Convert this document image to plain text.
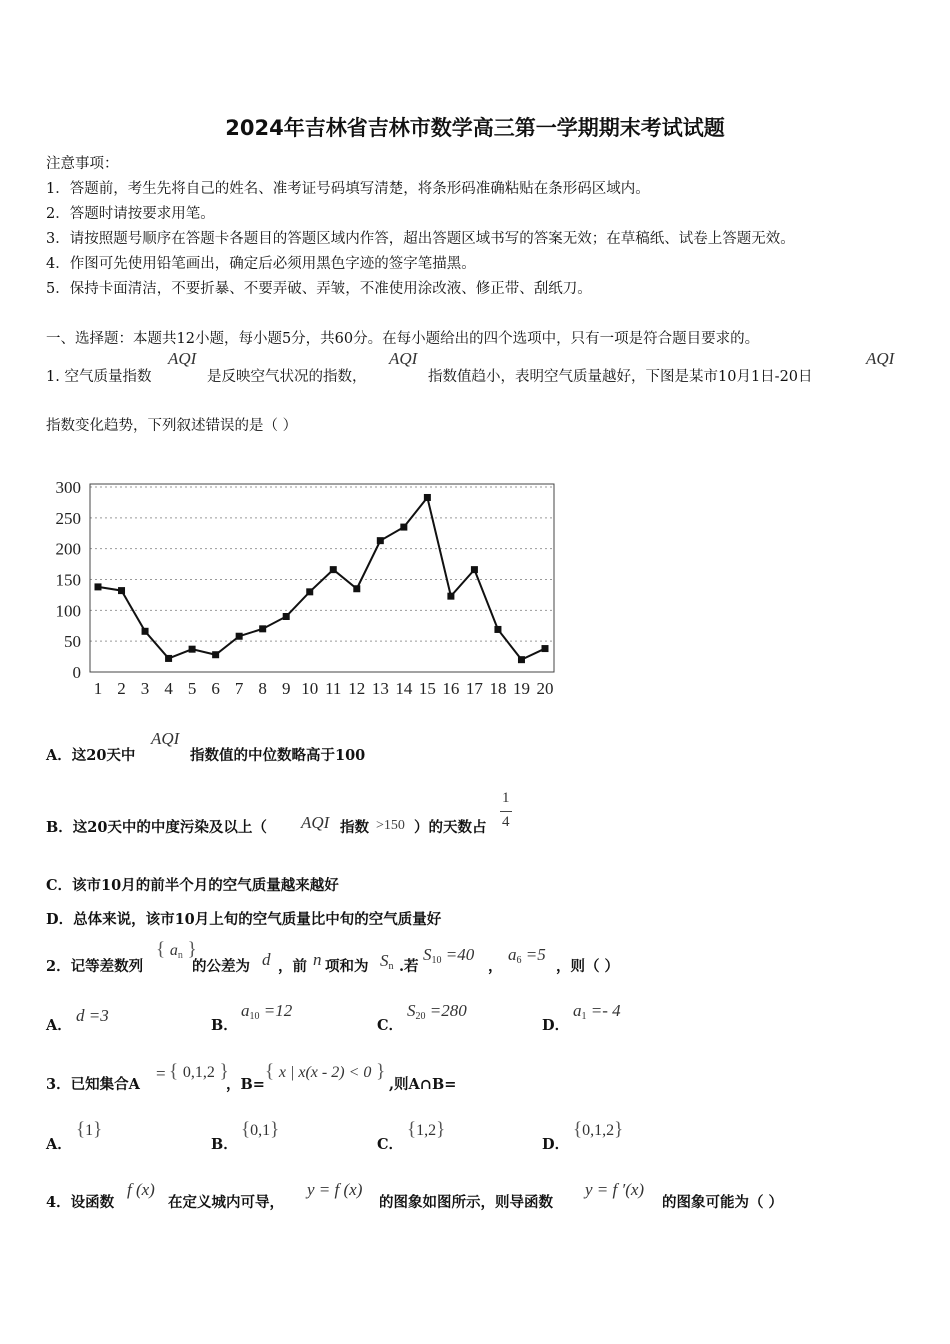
2024年吉林省吉林市数学高三第一学期期末考试试题
注意事项：
1．答题前，考生先将自己的姓名、准考证号码填写清楚，将条形码准确粘贴在条形码区域内。
2．答题时请按要求用笔。
3．请按照题号顺序在答题卡各题目的答题区域内作答，超出答题区域书写的答案无效；在草稿纸、试卷上答题无效。
4．作图可先使用铅笔画出，确定后必须用黑色字迹的签字笔描黑。
5．保持卡面清洁，不要折暴、不要弄破、弄皱，不准使用涂改液、修正带、刮纸刀。
一、选择题：本题共12小题，每小题5分，共60分。在每小题给出的四个选项中，只有一项是符合题目要求的。
1. 空气质量指数
AQI
是反映空气状况的指数，
AQI
指数值趋小，表明空气质量越好，下图是某市10月1日-20日
AQI
指数变化趋势，下列叙述错误的是（ ）
0
50
100
150
200
250
300
1 2 3 4 5 6 7 8 9 10 11 12 13 14 15 16 17 18 19 20
A．这20天中
AQI
指数值的中位数略高于100
B．这20天中的中度污染及以上（ AQI 指数 >150 ）的天数占
1
4
C．该市10月的前半个月的空气质量越来越好
D．总体来说，该市10月上旬的空气质量比中旬的空气质量好
2．记等差数列
{ $a_n$ }
的公差为 d ，前 n 项和为 $S_n$ .若
$S_{10} =40$
，
$a_6 =5$
，则（ ）
A．
d =3
B．
$a_{10} =12$
C．
$S_{20} =280$
D．
$a_1 =- 4$
3．已知集合A
= { 0,1,2 }
，B=
{ x | x(x - 2) < 0 }
,则A∩B=
A．
{1}
B．
{0,1}
C．
{1,2}
D．
{0,1,2}
4．设函数
f (x)
在定义城内可导，
y = f (x)
的图象如图所示，则导函数
y = f ′(x)
的图象可能为（ ）
